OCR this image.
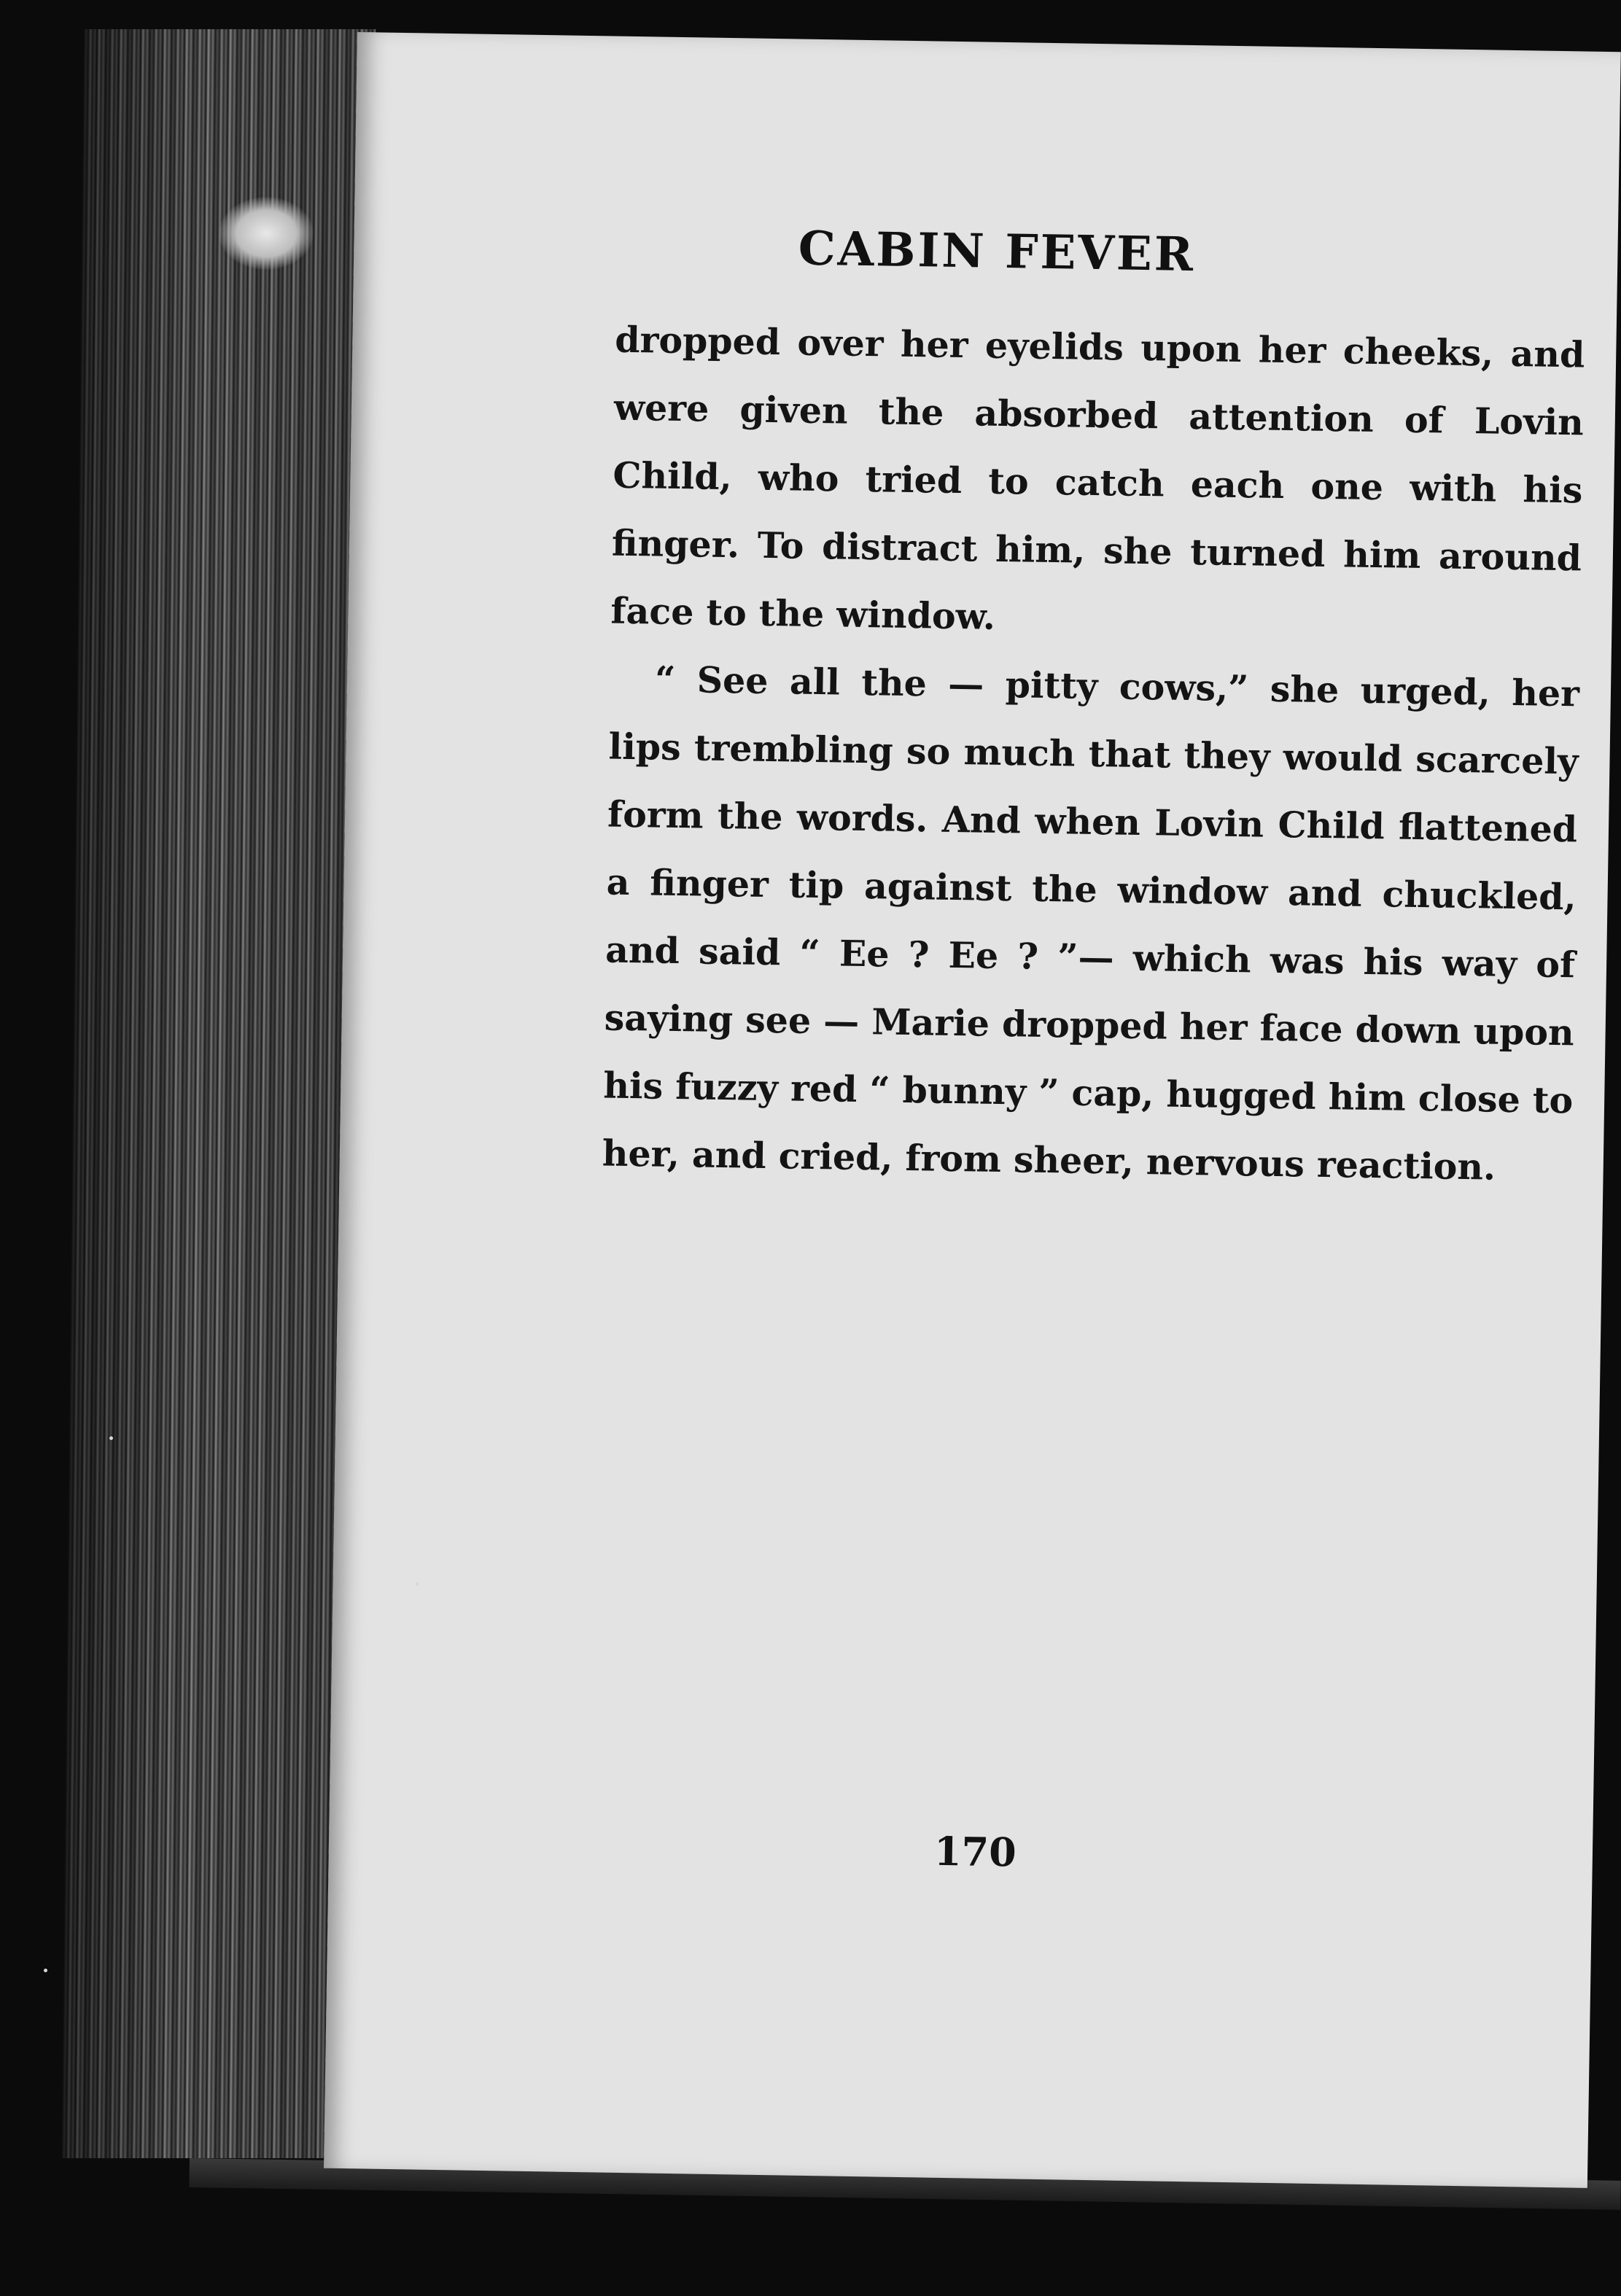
CABIN FEVER

dropped over her eyelids upon her cheeks, and were given the absorbed attention of Lovin Child, who tried to catch each one with his finger. To distract him, she turned him around face to the window.

“ See all the — pitty cows,” she urged, her lips trembling so much that they would scarcely form the words. And when Lovin Child flattened a finger tip against the window and chuckled, and said “ Ee ? Ee ? ”— which was his way of saying see — Marie dropped her face down upon his fuzzy red “ bunny ” cap, hugged him close to her, and cried, from sheer, nervous reaction.

170
